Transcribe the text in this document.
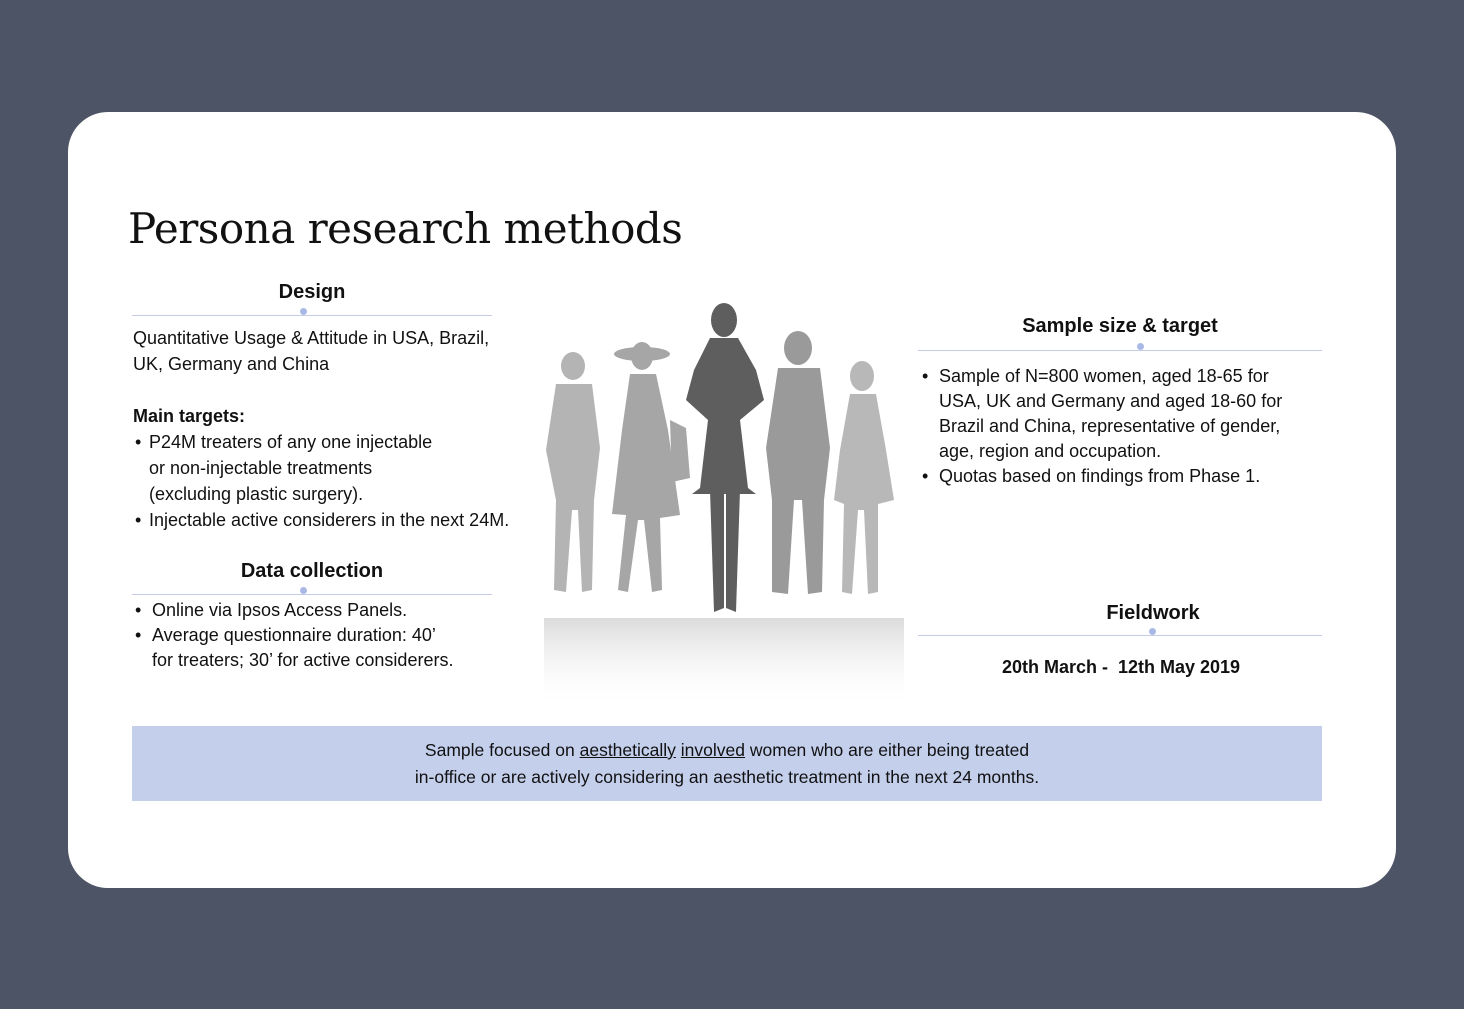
Persona research methods
Design

Quantitative Usage & Attitude in USA, Brazil,

UK, Germany and China

Main targets:

• P24M treaters of any one injectable
or non-injectable treatments
(excluding plastic surgery).
• Injectable active considerers in the next 24M.
Data collection
• Online via Ipsos Access Panels.
• Average questionnaire duration: 40’
for treaters; 30’ for active considerers.
Sample size & target
• Sample of N=800 women, aged 18-65 for
USA, UK and Germany and aged 18-60 for
Brazil and China, representative of gender,
age, region and occupation.
• Quotas based on findings from Phase 1.
Fieldwork
20th March -  12th May 2019
Sample focused on aesthetically involved women who are either being treated
in-office or are actively considering an aesthetic treatment in the next 24 months.
